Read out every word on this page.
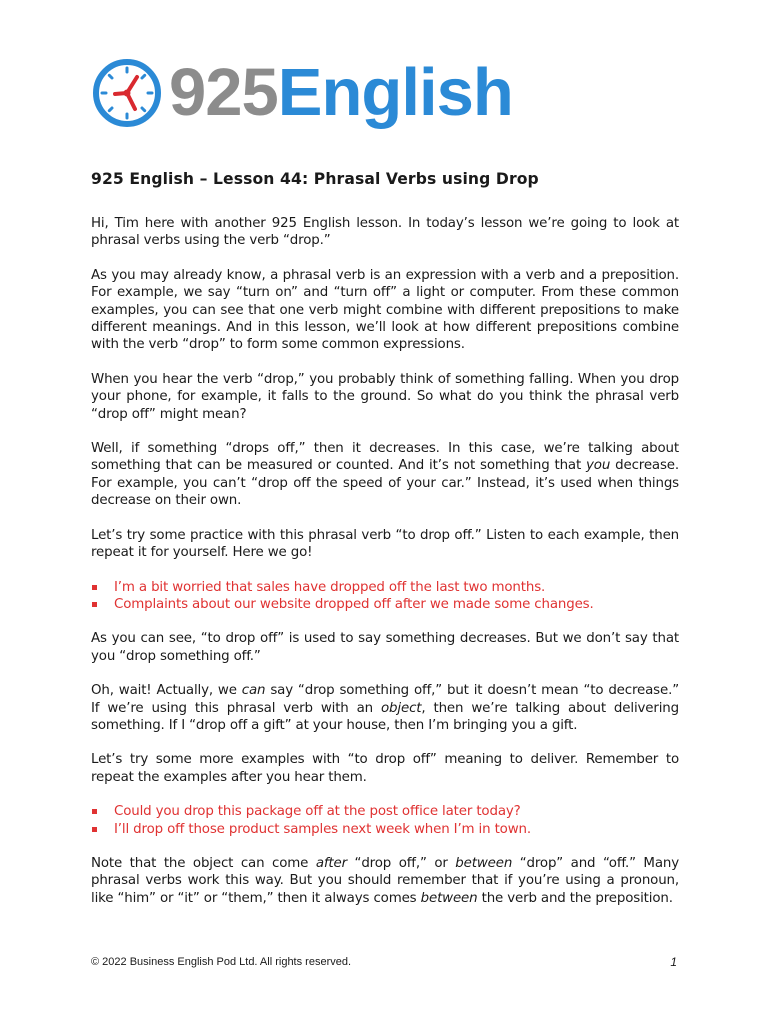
925English
925 English – Lesson 44: Phrasal Verbs using Drop

Hi, Tim here with another 925 English lesson. In today’s lesson we’re going to look at phrasal verbs using the verb “drop.”

As you may already know, a phrasal verb is an expression with a verb and a preposition. For example, we say “turn on” and “turn off” a light or computer. From these common examples, you can see that one verb might combine with different prepositions to make different meanings. And in this lesson, we’ll look at how different prepositions combine with the verb “drop” to form some common expressions.

When you hear the verb “drop,” you probably think of something falling. When you drop your phone, for example, it falls to the ground. So what do you think the phrasal verb “drop off” might mean?

Well, if something “drops off,” then it decreases. In this case, we’re talking about something that can be measured or counted. And it’s not something that you decrease. For example, you can’t “drop off the speed of your car.” Instead, it’s used when things decrease on their own.

Let’s try some practice with this phrasal verb “to drop off.” Listen to each example, then repeat it for yourself. Here we go!

I’m a bit worried that sales have dropped off the last two months.
Complaints about our website dropped off after we made some changes.

As you can see, “to drop off” is used to say something decreases. But we don’t say that you “drop something off.”

Oh, wait! Actually, we can say “drop something off,” but it doesn’t mean “to decrease.” If we’re using this phrasal verb with an object, then we’re talking about delivering something. If I “drop off a gift” at your house, then I’m bringing you a gift.

Let’s try some more examples with “to drop off” meaning to deliver. Remember to repeat the examples after you hear them.

Could you drop this package off at the post office later today?
I’ll drop off those product samples next week when I’m in town.

Note that the object can come after “drop off,” or between “drop” and “off.” Many phrasal verbs work this way. But you should remember that if you’re using a pronoun, like “him” or “it” or “them,” then it always comes between the verb and the preposition.

© 2022 Business English Pod Ltd. All rights reserved.	1
